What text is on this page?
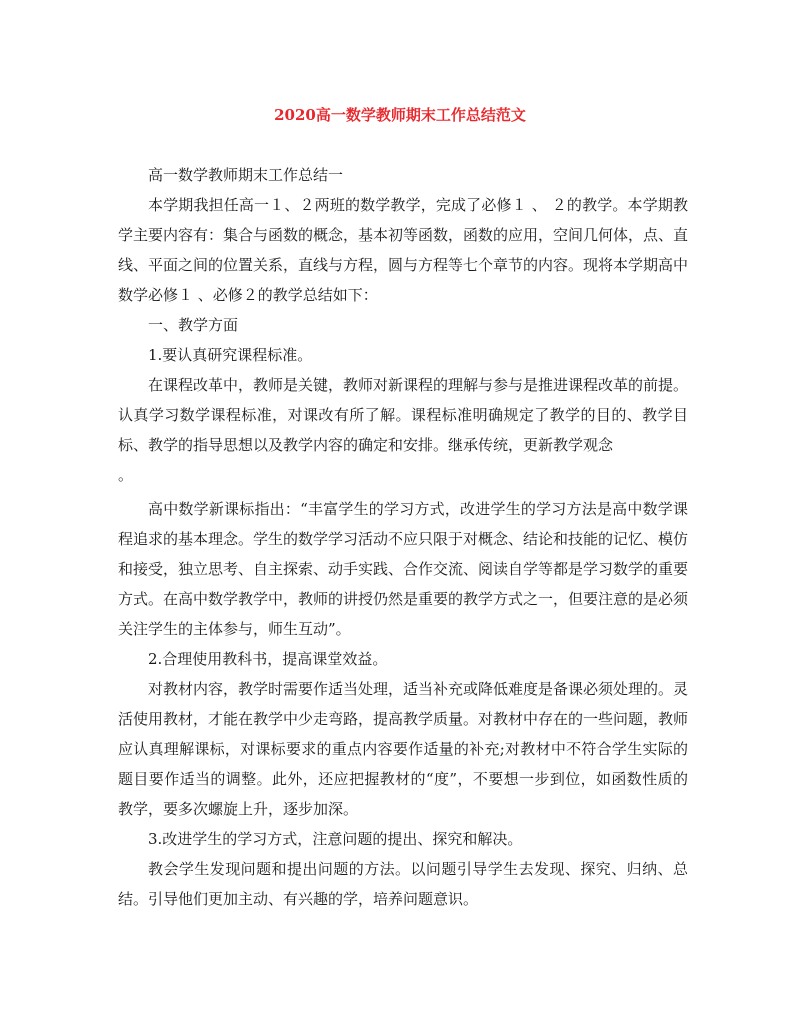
2020高一数学教师期末工作总结范文

高一数学教师期末工作总结一

本学期我担任高一１、２两班的数学教学，完成了必修１ 、 ２的教学。本学期教学主要内容有：集合与函数的概念，基本初等函数，函数的应用，空间几何体，点、直线、平面之间的位置关系，直线与方程，圆与方程等七个章节的内容。现将本学期高中数学必修１ 、必修２的教学总结如下：

一、教学方面

1.要认真研究课程标准。

在课程改革中，教师是关键，教师对新课程的理解与参与是推进课程改革的前提。认真学习数学课程标准，对课改有所了解。课程标准明确规定了教学的目的、教学目标、教学的指导思想以及教学内容的确定和安排。继承传统，更新教学观念

。

高中数学新课标指出：“丰富学生的学习方式，改进学生的学习方法是高中数学课程追求的基本理念。学生的数学学习活动不应只限于对概念、结论和技能的记忆、模仿和接受，独立思考、自主探索、动手实践、合作交流、阅读自学等都是学习数学的重要方式。在高中数学教学中，教师的讲授仍然是重要的教学方式之一，但要注意的是必须关注学生的主体参与，师生互动”。

2.合理使用教科书，提高课堂效益。

对教材内容，教学时需要作适当处理，适当补充或降低难度是备课必须处理的。灵活使用教材，才能在教学中少走弯路，提高教学质量。对教材中存在的一些问题，教师应认真理解课标，对课标要求的重点内容要作适量的补充;对教材中不符合学生实际的题目要作适当的调整。此外，还应把握教材的“度”，不要想一步到位，如函数性质的教学，要多次螺旋上升，逐步加深。

3.改进学生的学习方式，注意问题的提出、探究和解决。

教会学生发现问题和提出问题的方法。以问题引导学生去发现、探究、归纳、总结。引导他们更加主动、有兴趣的学，培养问题意识。
